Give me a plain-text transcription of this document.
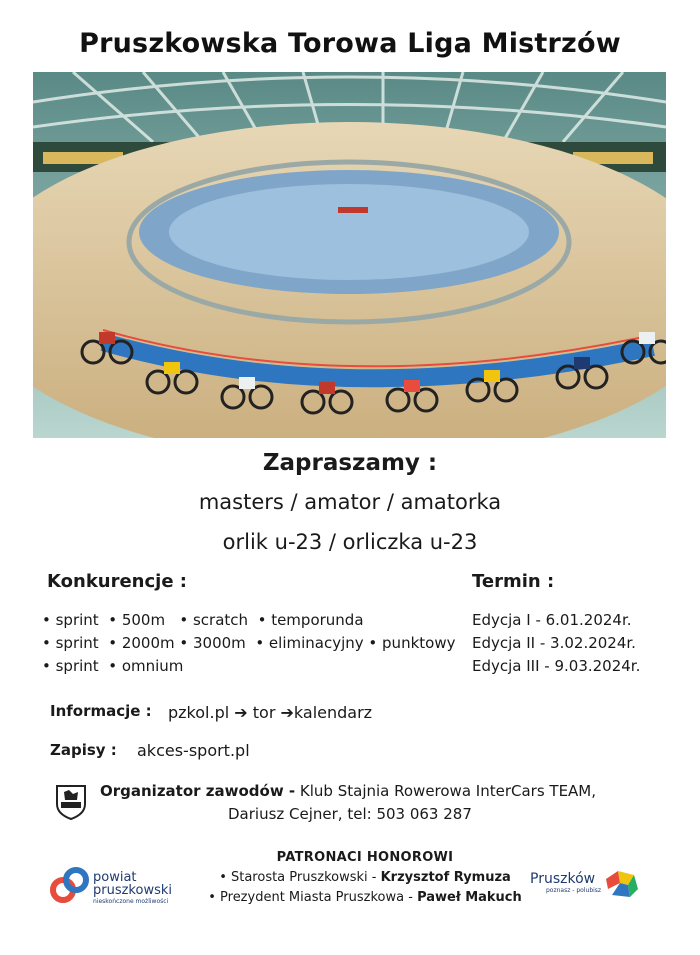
Pruszkowska Torowa Liga Mistrzów
Zapraszamy :
masters / amator / amatorka
orlik u-23 / orliczka u-23
Konkurencje :
• sprint  • 500m   • scratch  • temporunda
• sprint  • 2000m • 3000m  • eliminacyjny • punktowy
• sprint  • omnium
Termin :
Edycja I - 6.01.2024r.
Edycja II - 3.02.2024r.
Edycja III - 9.03.2024r.
Informacje : pzkol.pl ➔ tor ➔kalendarz
Zapisy : akces-sport.pl
Organizator zawodów - Klub Stajnia Rowerowa InterCars TEAM,
Dariusz Cejner, tel: 503 063 287
powiat
pruszkowski
nieskończone możliwości
PATRONACI HONOROWI
• Starosta Pruszkowski - Krzysztof Rymuza
• Prezydent Miasta Pruszkowa - Paweł Makuch
Pruszków
poznasz - polubisz
